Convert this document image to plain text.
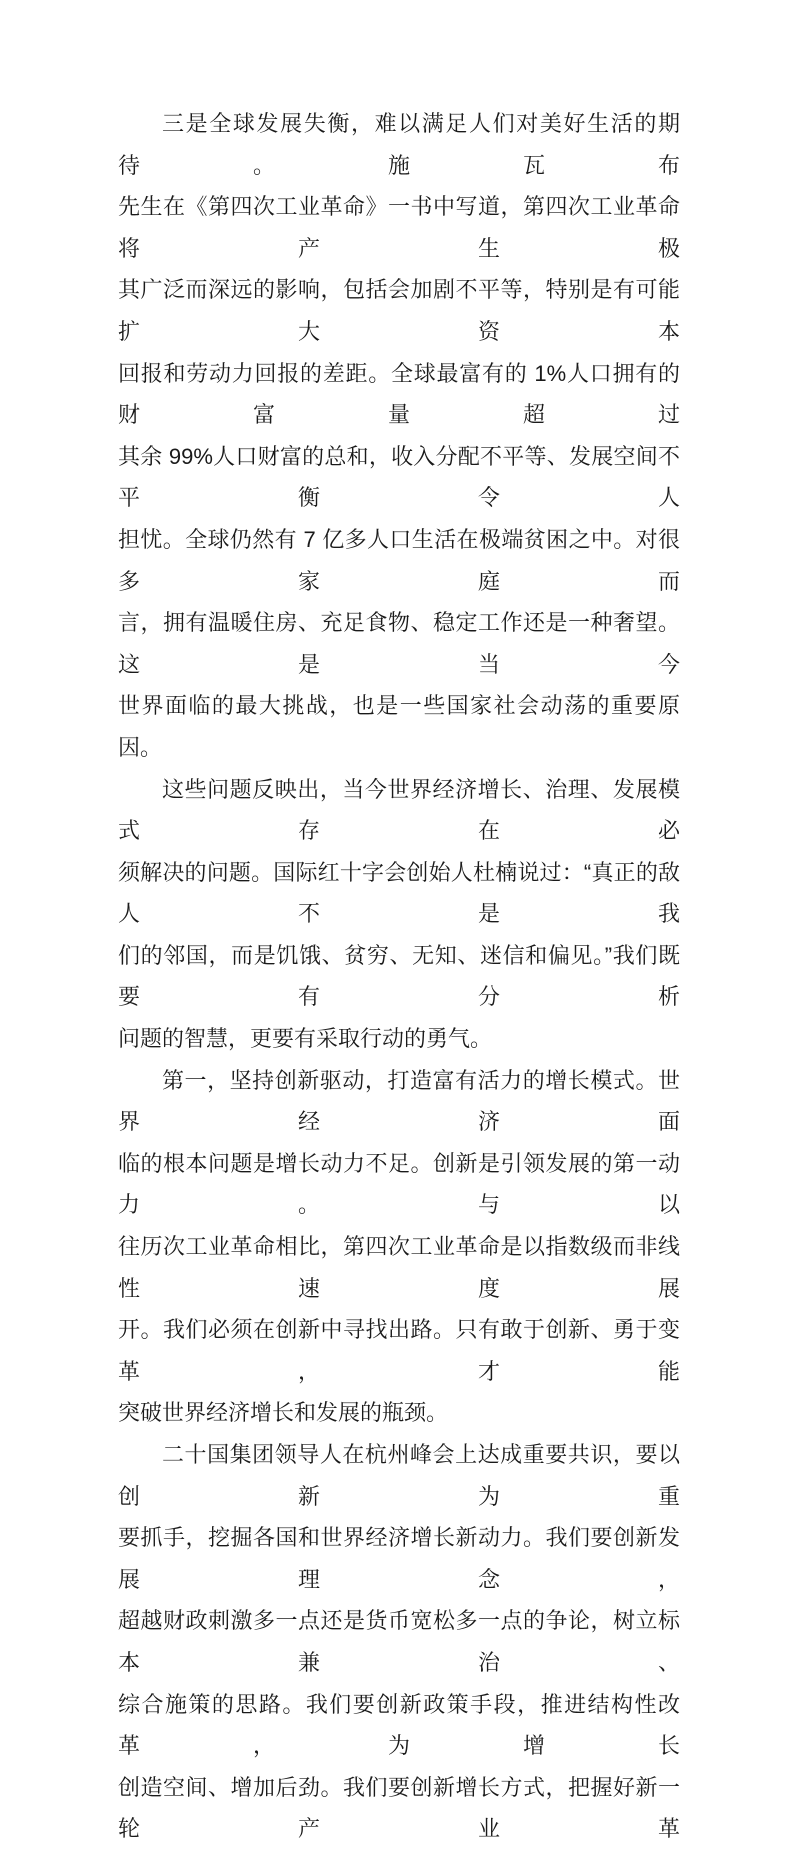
三是全球发展失衡，难以满足人们对美好生活的期待。施瓦布
先生在《第四次工业革命》一书中写道，第四次工业革命将产生极
其广泛而深远的影响，包括会加剧不平等，特别是有可能扩大资本
回报和劳动力回报的差距。全球最富有的 1%人口拥有的财富量超过
其余 99%人口财富的总和，收入分配不平等、发展空间不平衡令人
担忧。全球仍然有 7 亿多人口生活在极端贫困之中。对很多家庭而
言，拥有温暖住房、充足食物、稳定工作还是一种奢望。这是当今
世界面临的最大挑战，也是一些国家社会动荡的重要原因。
这些问题反映出，当今世界经济增长、治理、发展模式存在必
须解决的问题。国际红十字会创始人杜楠说过：“真正的敌人不是我
们的邻国，而是饥饿、贫穷、无知、迷信和偏见。”我们既要有分析
问题的智慧，更要有采取行动的勇气。
第一，坚持创新驱动，打造富有活力的增长模式。世界经济面
临的根本问题是增长动力不足。创新是引领发展的第一动力。与以
往历次工业革命相比，第四次工业革命是以指数级而非线性速度展
开。我们必须在创新中寻找出路。只有敢于创新、勇于变革，才能
突破世界经济增长和发展的瓶颈。
二十国集团领导人在杭州峰会上达成重要共识，要以创新为重
要抓手，挖掘各国和世界经济增长新动力。我们要创新发展理念，
超越财政刺激多一点还是货币宽松多一点的争论，树立标本兼治、
综合施策的思路。我们要创新政策手段，推进结构性改革，为增长
创造空间、增加后劲。我们要创新增长方式，把握好新一轮产业革
